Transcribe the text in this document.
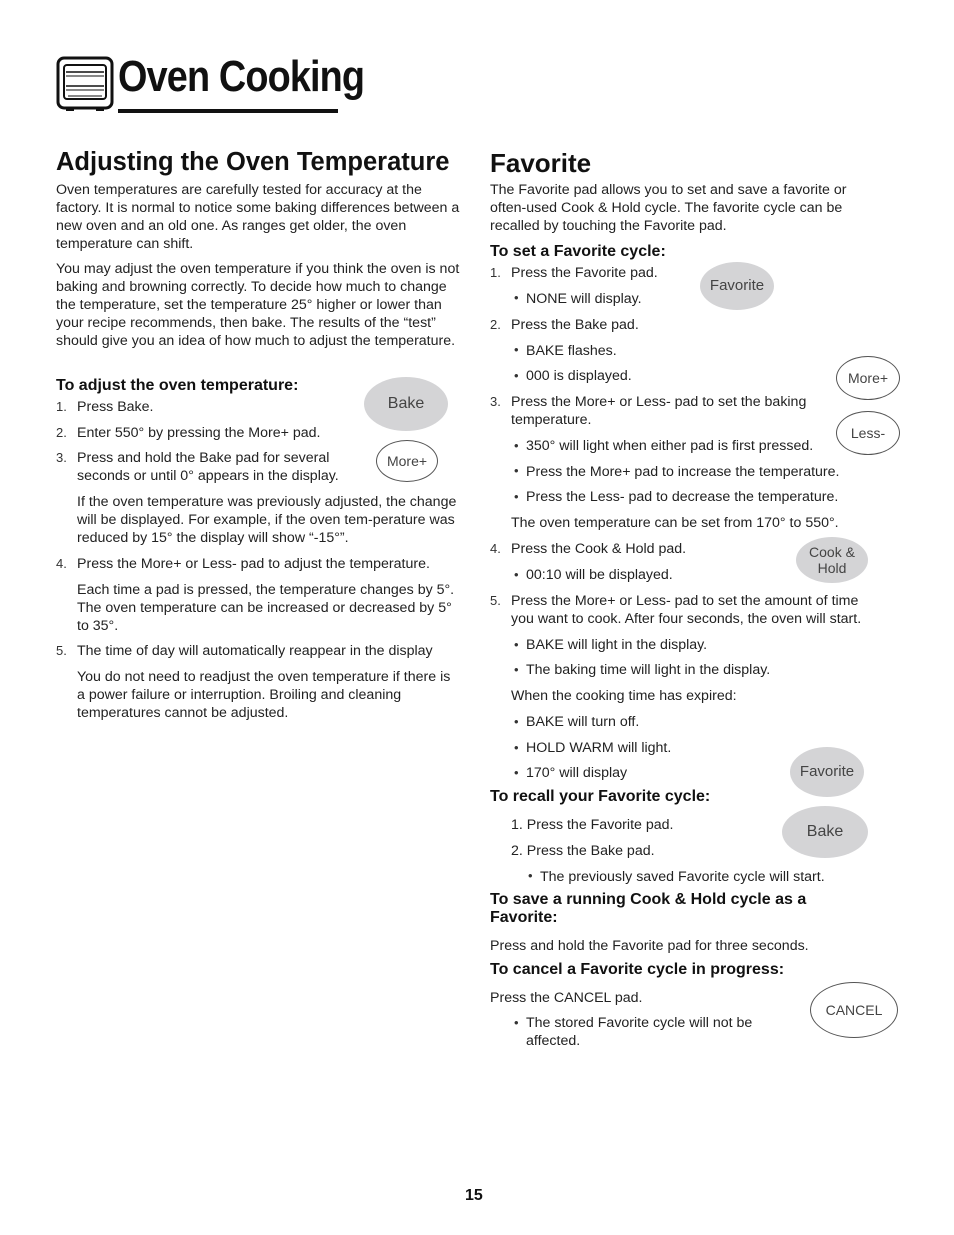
Oven Cooking
Adjusting the Oven Temperature

Oven temperatures are carefully tested for accuracy at the factory. It is normal to notice some baking differences between a new oven and an old one. As ranges get older, the oven temperature can shift.

You may adjust the oven temperature if you think the oven is not baking and browning correctly. To decide how much to change the temperature, set the temperature 25° higher or lower than your recipe recommends, then bake. The results of the “test” should give you an idea of how much to adjust the temperature.

To adjust the oven temperature:

1. Press Bake.

2. Enter 550° by pressing the More+ pad.

3. Press and hold the Bake pad for several seconds or until 0° appears in the display.

If the oven temperature was previously adjusted, the change will be displayed. For example, if the oven tem-perature was reduced by 15° the display will show “-15°”.

4. Press the More+ or Less- pad to adjust the temperature.

Each time a pad is pressed, the temperature changes by 5°. The oven temperature can be increased or decreased by 5° to 35°.

5. The time of day will automatically reappear in the display

You do not need to readjust the oven temperature if there is a power failure or interruption. Broiling and cleaning temperatures cannot be adjusted.

Bake
More+
Favorite

The Favorite pad allows you to set and save a favorite or often-used Cook & Hold cycle. The favorite cycle can be recalled by touching the Favorite pad.

To set a Favorite cycle:

1. Press the Favorite pad.

• NONE will display.

2. Press the Bake pad.

• BAKE flashes.

• 000 is displayed.

3. Press the More+ or Less- pad to set the baking temperature.

• 350° will light when either pad is first pressed.

• Press the More+ pad to increase the temperature.

• Press the Less- pad to decrease the temperature.

The oven temperature can be set from 170° to 550°.

4. Press the Cook & Hold pad.

• 00:10 will be displayed.

5. Press the More+ or Less- pad to set the amount of time you want to cook. After four seconds, the oven will start.

• BAKE will light in the display.

• The baking time will light in the display.

When the cooking time has expired:

• BAKE will turn off.

• HOLD WARM will light.

• 170° will display

To recall your Favorite cycle:

1. Press the Favorite pad.

2. Press the Bake pad.

• The previously saved Favorite cycle will start.

To save a running Cook & Hold cycle as a Favorite:

Press and hold the Favorite pad for three seconds.

To cancel a Favorite cycle in progress:

Press the CANCEL pad.

• The stored Favorite cycle will not be affected.

Favorite
More+
Less-
Cook &
Hold
Favorite
Bake
CANCEL
15
